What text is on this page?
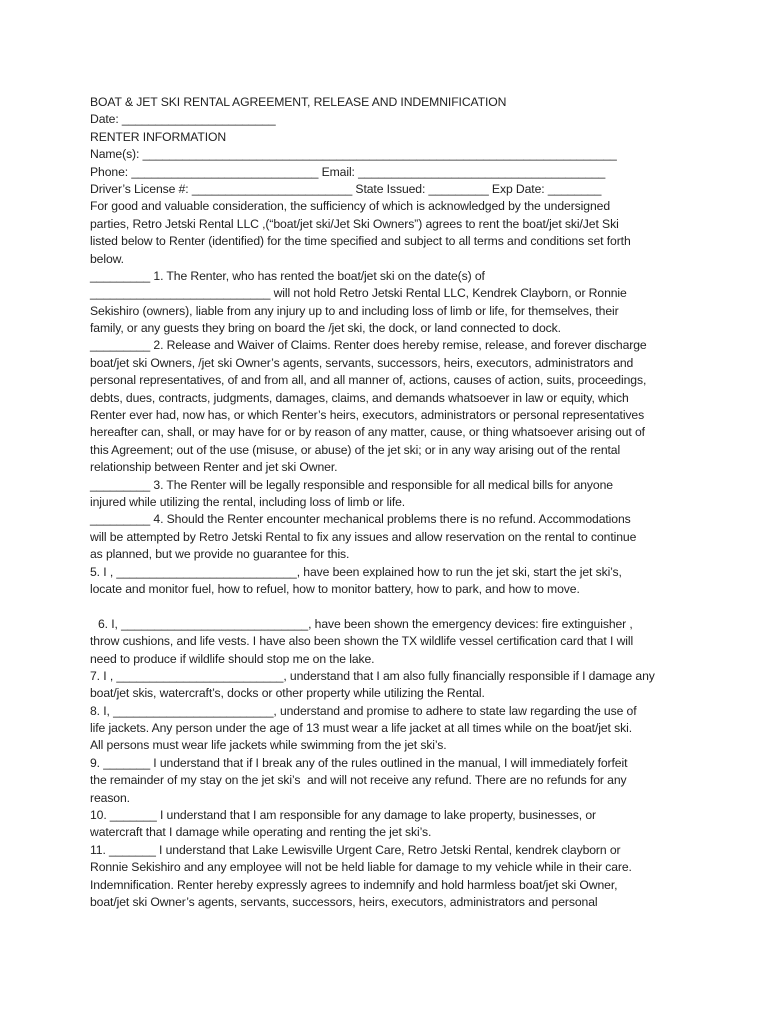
BOAT & JET SKI RENTAL AGREEMENT, RELEASE AND INDEMNIFICATION
Date: _______________________
RENTER INFORMATION
Name(s): _______________________________________________________________________
Phone: ____________________________ Email: _____________________________________
Driver’s License #: ________________________ State Issued: _________ Exp Date: ________
For good and valuable consideration, the sufficiency of which is acknowledged by the undersigned
parties, Retro Jetski Rental LLC ,(“boat/jet ski/Jet Ski Owners”) agrees to rent the boat/jet ski/Jet Ski
listed below to Renter (identified) for the time specified and subject to all terms and conditions set forth
below.
_________ 1. The Renter, who has rented the boat/jet ski on the date(s) of
___________________________ will not hold Retro Jetski Rental LLC, Kendrek Clayborn, or Ronnie
Sekishiro (owners), liable from any injury up to and including loss of limb or life, for themselves, their
family, or any guests they bring on board the /jet ski, the dock, or land connected to dock.
_________ 2. Release and Waiver of Claims. Renter does hereby remise, release, and forever discharge
boat/jet ski Owners, /jet ski Owner’s agents, servants, successors, heirs, executors, administrators and
personal representatives, of and from all, and all manner of, actions, causes of action, suits, proceedings,
debts, dues, contracts, judgments, damages, claims, and demands whatsoever in law or equity, which
Renter ever had, now has, or which Renter’s heirs, executors, administrators or personal representatives
hereafter can, shall, or may have for or by reason of any matter, cause, or thing whatsoever arising out of
this Agreement; out of the use (misuse, or abuse) of the jet ski; or in any way arising out of the rental
relationship between Renter and jet ski Owner.
_________ 3. The Renter will be legally responsible and responsible for all medical bills for anyone
injured while utilizing the rental, including loss of limb or life.
_________ 4. Should the Renter encounter mechanical problems there is no refund. Accommodations
will be attempted by Retro Jetski Rental to fix any issues and allow reservation on the rental to continue
as planned, but we provide no guarantee for this.
5. I , ___________________________, have been explained how to run the jet ski, start the jet ski’s,
locate and monitor fuel, how to refuel, how to monitor battery, how to park, and how to move.
6. I, ____________________________, have been shown the emergency devices: fire extinguisher ,
throw cushions, and life vests. I have also been shown the TX wildlife vessel certification card that I will
need to produce if wildlife should stop me on the lake.
7. I , _________________________, understand that I am also fully financially responsible if I damage any
boat/jet skis, watercraft’s, docks or other property while utilizing the Rental.
8. I, ________________________, understand and promise to adhere to state law regarding the use of
life jackets. Any person under the age of 13 must wear a life jacket at all times while on the boat/jet ski.
All persons must wear life jackets while swimming from the jet ski’s.
9. _______ I understand that if I break any of the rules outlined in the manual, I will immediately forfeit
the remainder of my stay on the jet ski’s  and will not receive any refund. There are no refunds for any
reason.
10. _______ I understand that I am responsible for any damage to lake property, businesses, or
watercraft that I damage while operating and renting the jet ski’s.
11. _______ I understand that Lake Lewisville Urgent Care, Retro Jetski Rental, kendrek clayborn or
Ronnie Sekishiro and any employee will not be held liable for damage to my vehicle while in their care.
Indemnification. Renter hereby expressly agrees to indemnify and hold harmless boat/jet ski Owner,
boat/jet ski Owner’s agents, servants, successors, heirs, executors, administrators and personal
